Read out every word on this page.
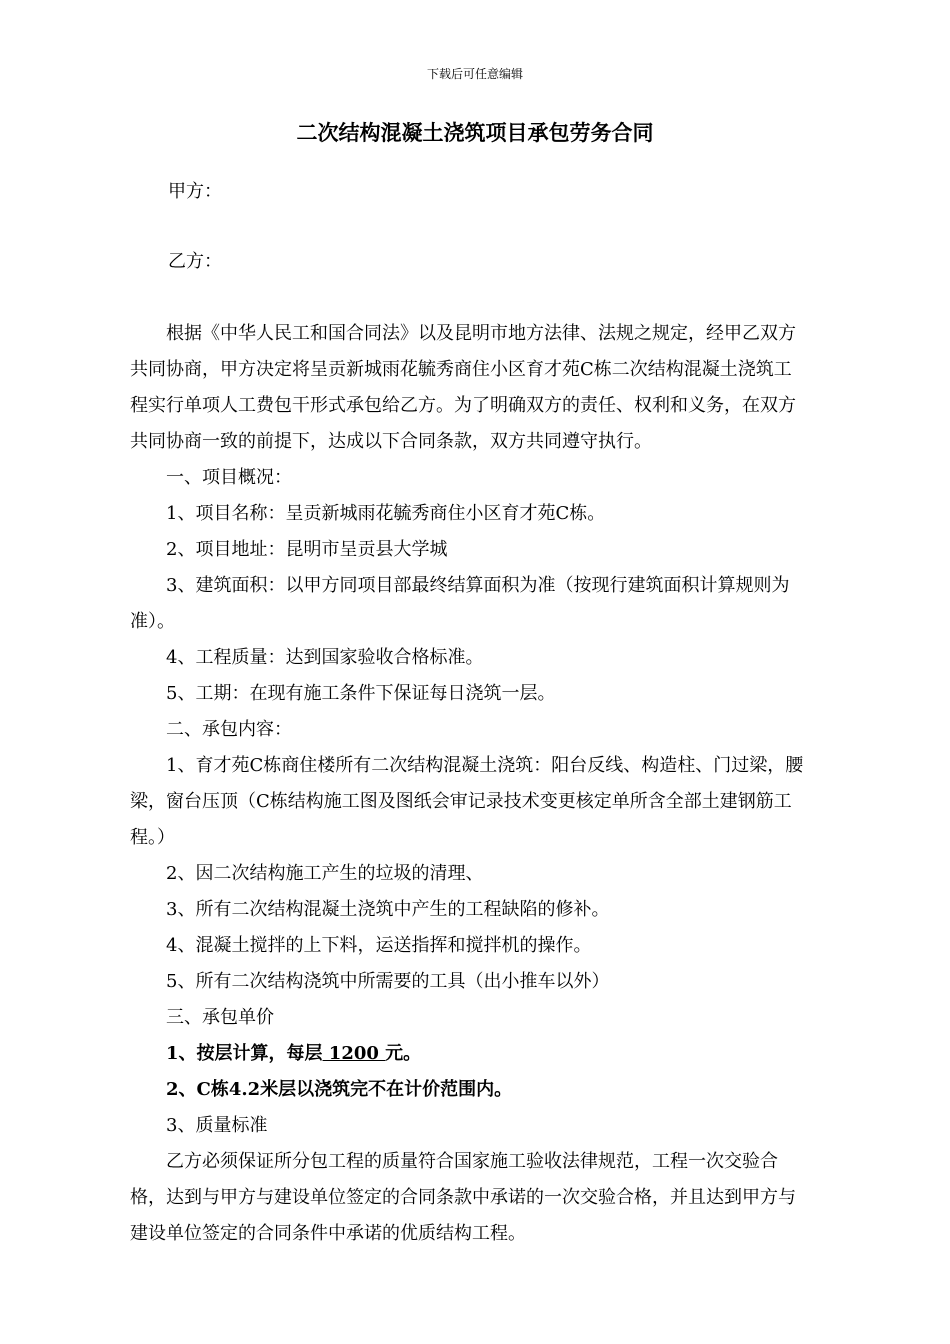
下载后可任意编辑
二次结构混凝土浇筑项目承包劳务合同
甲方：
乙方：

根据《中华人民工和国合同法》以及昆明市地方法律、法规之规定，经甲乙双方共同协商，甲方决定将呈贡新城雨花毓秀商住小区育才苑C栋二次结构混凝土浇筑工程实行单项人工费包干形式承包给乙方。为了明确双方的责任、权利和义务，在双方共同协商一致的前提下，达成以下合同条款，双方共同遵守执行。

一、项目概况：

1、项目名称：呈贡新城雨花毓秀商住小区育才苑C栋。

2、项目地址：昆明市呈贡县大学城

3、建筑面积：以甲方同项目部最终结算面积为准（按现行建筑面积计算规则为准）。

4、工程质量：达到国家验收合格标准。

5、工期：在现有施工条件下保证每日浇筑一层。

二、承包内容：

1、育才苑C栋商住楼所有二次结构混凝土浇筑：阳台反线、构造柱、门过梁，腰梁，窗台压顶（C栋结构施工图及图纸会审记录技术变更核定单所含全部土建钢筋工程。）

2、因二次结构施工产生的垃圾的清理、

3、所有二次结构混凝土浇筑中产生的工程缺陷的修补。

4、混凝土搅拌的上下料，运送指挥和搅拌机的操作。

5、所有二次结构浇筑中所需要的工具（出小推车以外）

三、承包单价

1、按层计算，每层 1200 元。

2、C栋4.2米层以浇筑完不在计价范围内。

3、质量标准

乙方必须保证所分包工程的质量符合国家施工验收法律规范，工程一次交验合格，达到与甲方与建设单位签定的合同条款中承诺的一次交验合格，并且达到甲方与建设单位签定的合同条件中承诺的优质结构工程。
